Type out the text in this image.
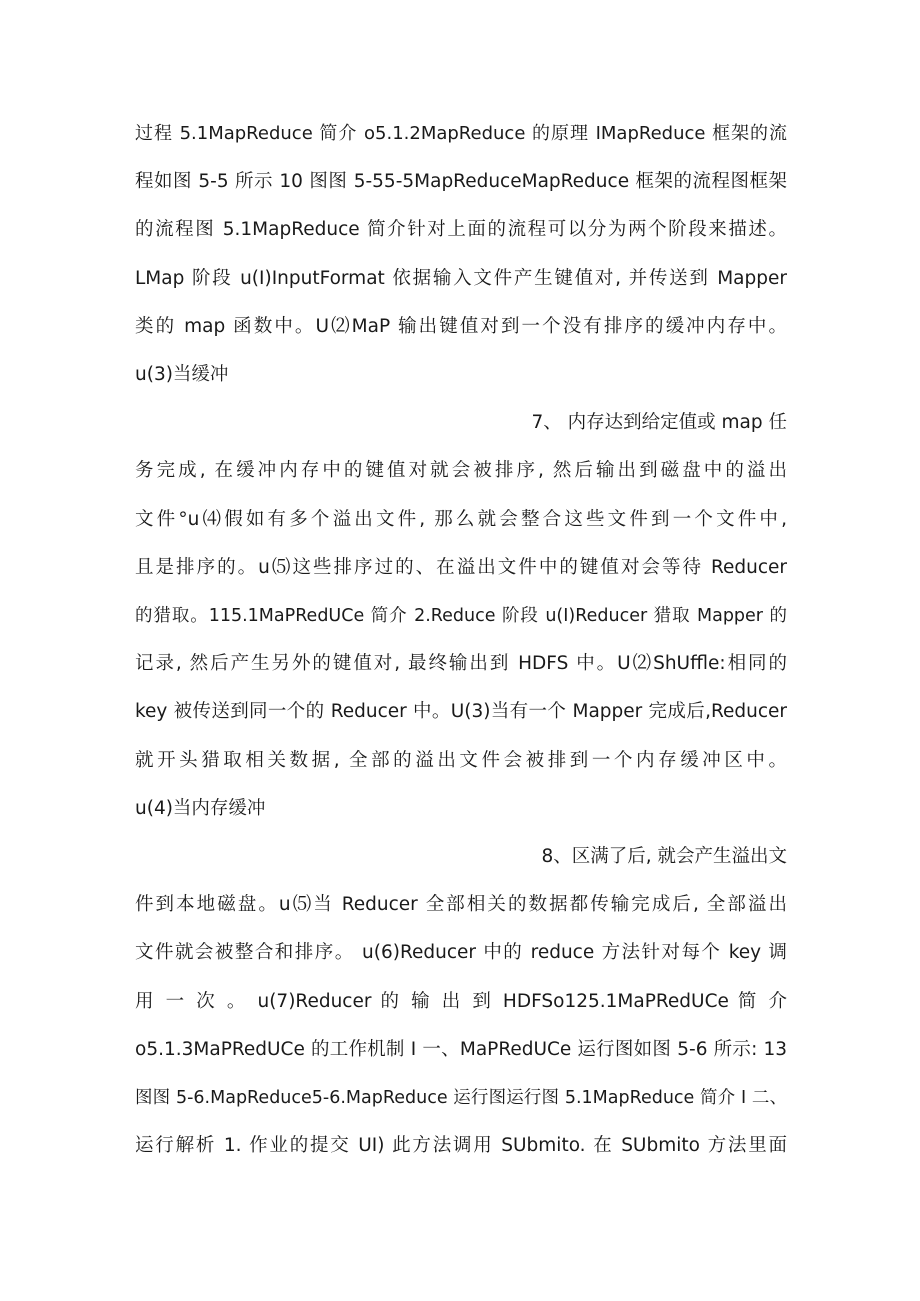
过程 5.1MapReduce 简介 o5.1.2MapReduce 的原理 IMapReduce 框架的流
程如图 5-5 所示 10 图图 5-55-5MapReduceMapReduce 框架的流程图框架
的流程图 5.1MapReduce 简介针对上面的流程可以分为两个阶段来描述。
LMap 阶段 u(I)InputFormat 依据输入文件产生键值对, 并传送到 Mapper
类的 map 函数中。U⑵MaP 输出键值对到一个没有排序的缓冲内存中。
u(3)当缓冲
7、 内存达到给定值或 map 任
务完成, 在缓冲内存中的键值对就会被排序, 然后输出到磁盘中的溢出
文件°u⑷假如有多个溢出文件, 那么就会整合这些文件到一个文件中,
且是排序的。u⑸这些排序过的、在溢出文件中的键值对会等待 Reducer
的猎取。115.1MaPRedUCe 简介 2.Reduce 阶段 u(I)Reducer 猎取 Mapper 的
记录, 然后产生另外的键值对, 最终输出到 HDFS 中。U⑵ShUffle:相同的
key 被传送到同一个的 Reducer 中。U(3)当有一个 Mapper 完成后,Reducer
就开头猎取相关数据, 全部的溢出文件会被排到一个内存缓冲区中。
u(4)当内存缓冲
8、区满了后, 就会产生溢出文
件到本地磁盘。u⑸当 Reducer 全部相关的数据都传输完成后, 全部溢出
文件就会被整合和排序。 u(6)Reducer 中的 reduce 方法针对每个 key 调
用 一 次 。 u(7)Reducer 的 输 出 到 HDFSo125.1MaPRedUCe 简 介
o5.1.3MaPRedUCe 的工作机制 I 一、MaPRedUCe 运行图如图 5-6 所示: 13
图图 5-6.MapReduce5-6.MapReduce 运行图运行图 5.1MapReduce 简介 I 二、
运行解析 1. 作业的提交 UI) 此方法调用 SUbmito. 在 SUbmito 方法里面
